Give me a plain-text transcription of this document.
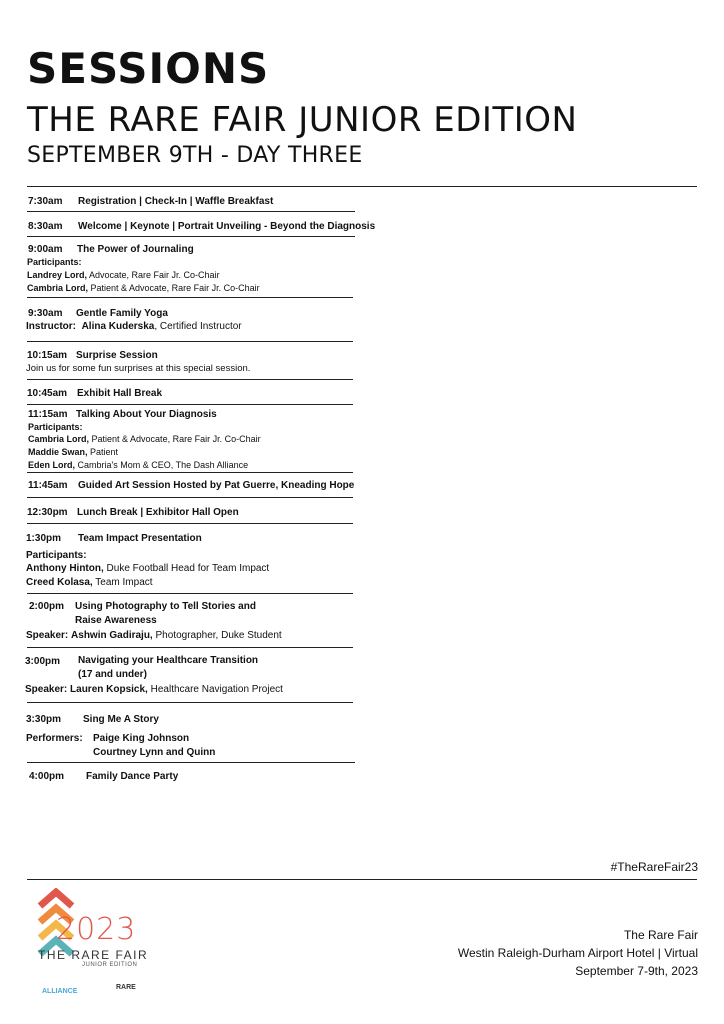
SESSIONS
THE RARE FAIR JUNIOR EDITION
SEPTEMBER 9TH - DAY THREE
7:30am Registration | Check-In | Waffle Breakfast
8:30am Welcome | Keynote | Portrait Unveiling - Beyond the Diagnosis
9:00am The Power of Journaling
Participants:
Landrey Lord, Advocate, Rare Fair Jr. Co-Chair
Cambria Lord, Patient & Advocate, Rare Fair Jr. Co-Chair
9:30am Gentle Family Yoga
Instructor: Alina Kuderska, Certified Instructor
10:15am Surprise Session
Join us for some fun surprises at this special session.
10:45am Exhibit Hall Break
11:15am Talking About Your Diagnosis
Participants:
Cambria Lord, Patient & Advocate, Rare Fair Jr. Co-Chair
Maddie Swan, Patient
Eden Lord, Cambria's Mom & CEO, The Dash Alliance
11:45am Guided Art Session Hosted by Pat Guerre, Kneading Hope
12:30pm Lunch Break | Exhibitor Hall Open
1:30pm Team Impact Presentation
Participants:
Anthony Hinton, Duke Football Head for Team Impact
Creed Kolasa, Team Impact
2:00pm Using Photography to Tell Stories and
Raise Awareness
Speaker: Ashwin Gadiraju, Photographer, Duke Student
3:00pm Navigating your Healthcare Transition
(17 and under)
Speaker: Lauren Kopsick, Healthcare Navigation Project
3:30pm Sing Me A Story
Performers: Paige King Johnson
Courtney Lynn and Quinn
4:00pm Family Dance Party
#TheRareFair23
The Rare Fair
Westin Raleigh-Durham Airport Hotel | Virtual
September 7-9th, 2023
2023
THE RARE FAIR
JUNIOR EDITION
ALLIANCE
RARE
